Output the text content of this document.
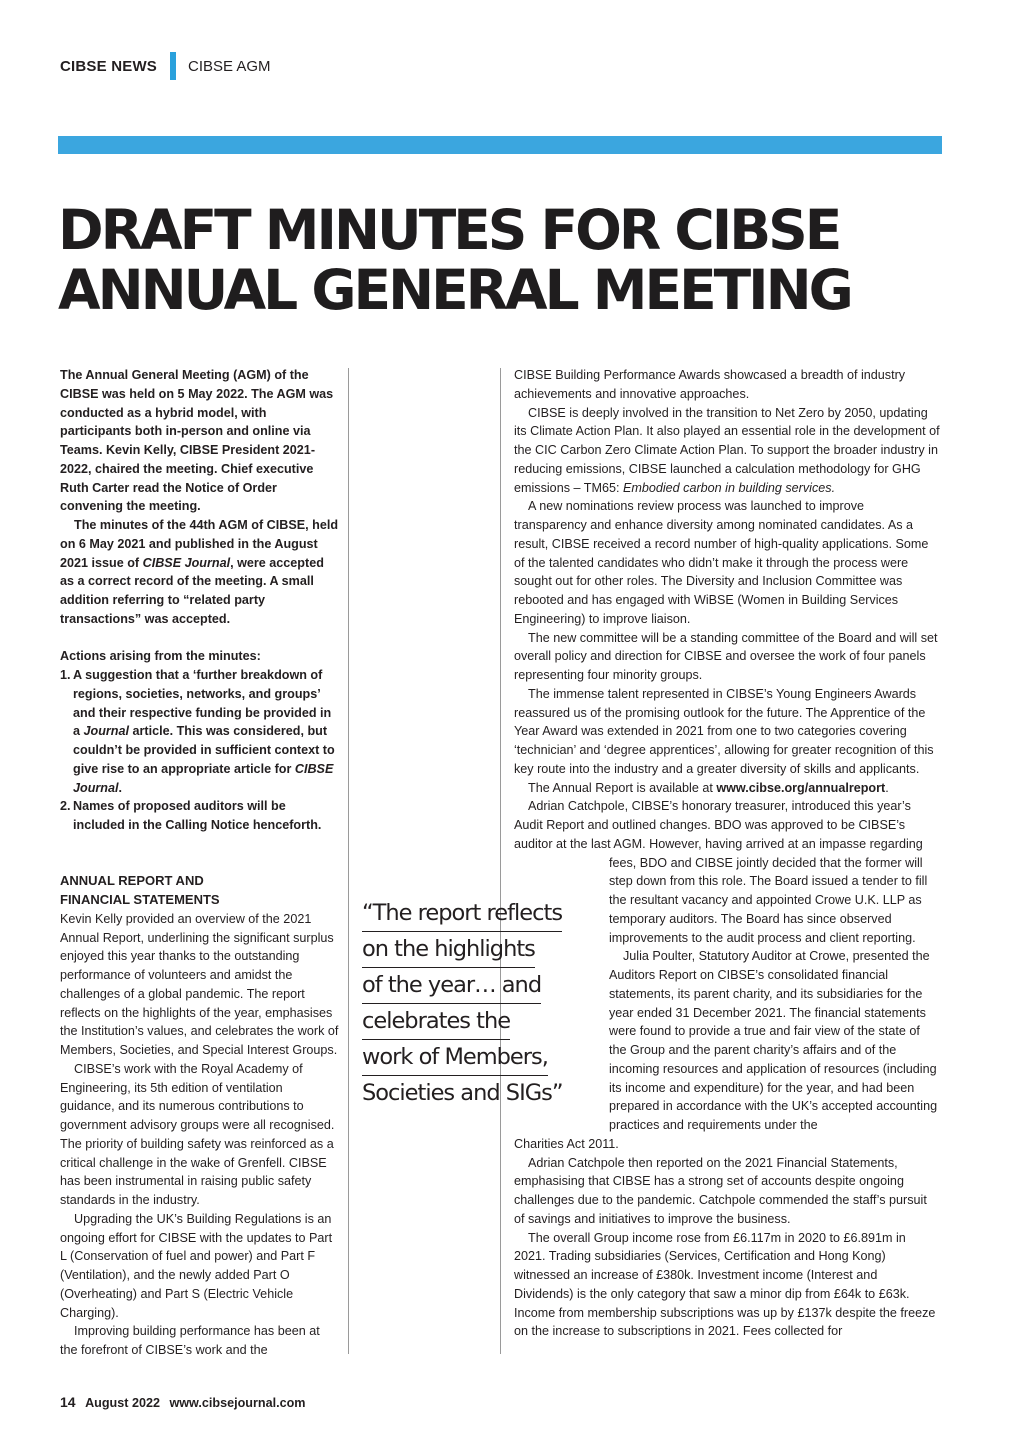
CIBSE NEWS CIBSE AGM
DRAFT MINUTES FOR CIBSE
ANNUAL GENERAL MEETING

The Annual General Meeting (AGM) of the CIBSE was held on 5 May 2022. The AGM was conducted as a hybrid model, with participants both in-person and online via Teams. Kevin Kelly, CIBSE President 2021-2022, chaired the meeting. Chief executive Ruth Carter read the Notice of Order convening the meeting.

The minutes of the 44th AGM of CIBSE, held on 6 May 2021 and published in the August 2021 issue of CIBSE Journal, were accepted as a correct record of the meeting. A small addition referring to “related party transactions” was accepted.

Actions arising from the minutes:

1. A suggestion that a ‘further breakdown of regions, societies, networks, and groups’ and their respective funding be provided in a Journal article. This was considered, but couldn’t be provided in sufficient context to give rise to an appropriate article for CIBSE Journal.
2. Names of proposed auditors will be included in the Calling Notice henceforth.
ANNUAL REPORT AND
FINANCIAL STATEMENTS

Kevin Kelly provided an overview of the 2021 Annual Report, underlining the significant surplus enjoyed this year thanks to the outstanding performance of volunteers and amidst the challenges of a global pandemic. The report reflects on the highlights of the year, emphasises the Institution’s values, and celebrates the work of Members, Societies, and Special Interest Groups.

CIBSE’s work with the Royal Academy of Engineering, its 5th edition of ventilation guidance, and its numerous contributions to government advisory groups were all recognised. The priority of building safety was reinforced as a critical challenge in the wake of Grenfell. CIBSE has been instrumental in raising public safety standards in the industry.

Upgrading the UK’s Building Regulations is an ongoing effort for CIBSE with the updates to Part L (Conservation of fuel and power) and Part F (Ventilation), and the newly added Part O (Overheating) and Part S (Electric Vehicle Charging).

Improving building performance has been at the forefront of CIBSE’s work and the

“The report reflects
on the highlights
of the year… and
celebrates the
work of Members,
Societies and SIGs”

CIBSE Building Performance Awards showcased a breadth of industry achievements and innovative approaches.

CIBSE is deeply involved in the transition to Net Zero by 2050, updating its Climate Action Plan. It also played an essential role in the development of the CIC Carbon Zero Climate Action Plan. To support the broader industry in reducing emissions, CIBSE launched a calculation methodology for GHG emissions – TM65: Embodied carbon in building services.

A new nominations review process was launched to improve transparency and enhance diversity among nominated candidates. As a result, CIBSE received a record number of high-quality applications. Some of the talented candidates who didn’t make it through the process were sought out for other roles. The Diversity and Inclusion Committee was rebooted and has engaged with WiBSE (Women in Building Services Engineering) to improve liaison.

The new committee will be a standing committee of the Board and will set overall policy and direction for CIBSE and oversee the work of four panels representing four minority groups.

The immense talent represented in CIBSE’s Young Engineers Awards reassured us of the promising outlook for the future. The Apprentice of the Year Award was extended in 2021 from one to two categories covering ‘technician’ and ‘degree apprentices’, allowing for greater recognition of this key route into the industry and a greater diversity of skills and applicants.

The Annual Report is available at www.cibse.org/annualreport.

Adrian Catchpole, CIBSE’s honorary treasurer, introduced this year’s Audit Report and outlined changes. BDO was approved to be CIBSE’s auditor at the last AGM. However, having arrived at an impasse regarding

fees, BDO and CIBSE jointly decided that the former will step down from this role. The Board issued a tender to fill the resultant vacancy and appointed Crowe U.K. LLP as temporary auditors. The Board has since observed improvements to the audit process and client reporting.

Julia Poulter, Statutory Auditor at Crowe, presented the Auditors Report on CIBSE’s consolidated financial statements, its parent charity, and its subsidiaries for the year ended 31 December 2021. The financial statements were found to provide a true and fair view of the state of the Group and the parent charity’s affairs and of the incoming resources and application of resources (including its income and expenditure) for the year, and had been prepared in accordance with the UK’s accepted accounting practices and requirements under the

Charities Act 2011.

Adrian Catchpole then reported on the 2021 Financial Statements, emphasising that CIBSE has a strong set of accounts despite ongoing challenges due to the pandemic. Catchpole commended the staff’s pursuit of savings and initiatives to improve the business.

The overall Group income rose from £6.117m in 2020 to £6.891m in 2021. Trading subsidiaries (Services, Certification and Hong Kong) witnessed an increase of £380k. Investment income (Interest and Dividends) is the only category that saw a minor dip from £64k to £63k. Income from membership subscriptions was up by £137k despite the freeze on the increase to subscriptions in 2021. Fees collected for

14 August 2022 www.cibsejournal.com
